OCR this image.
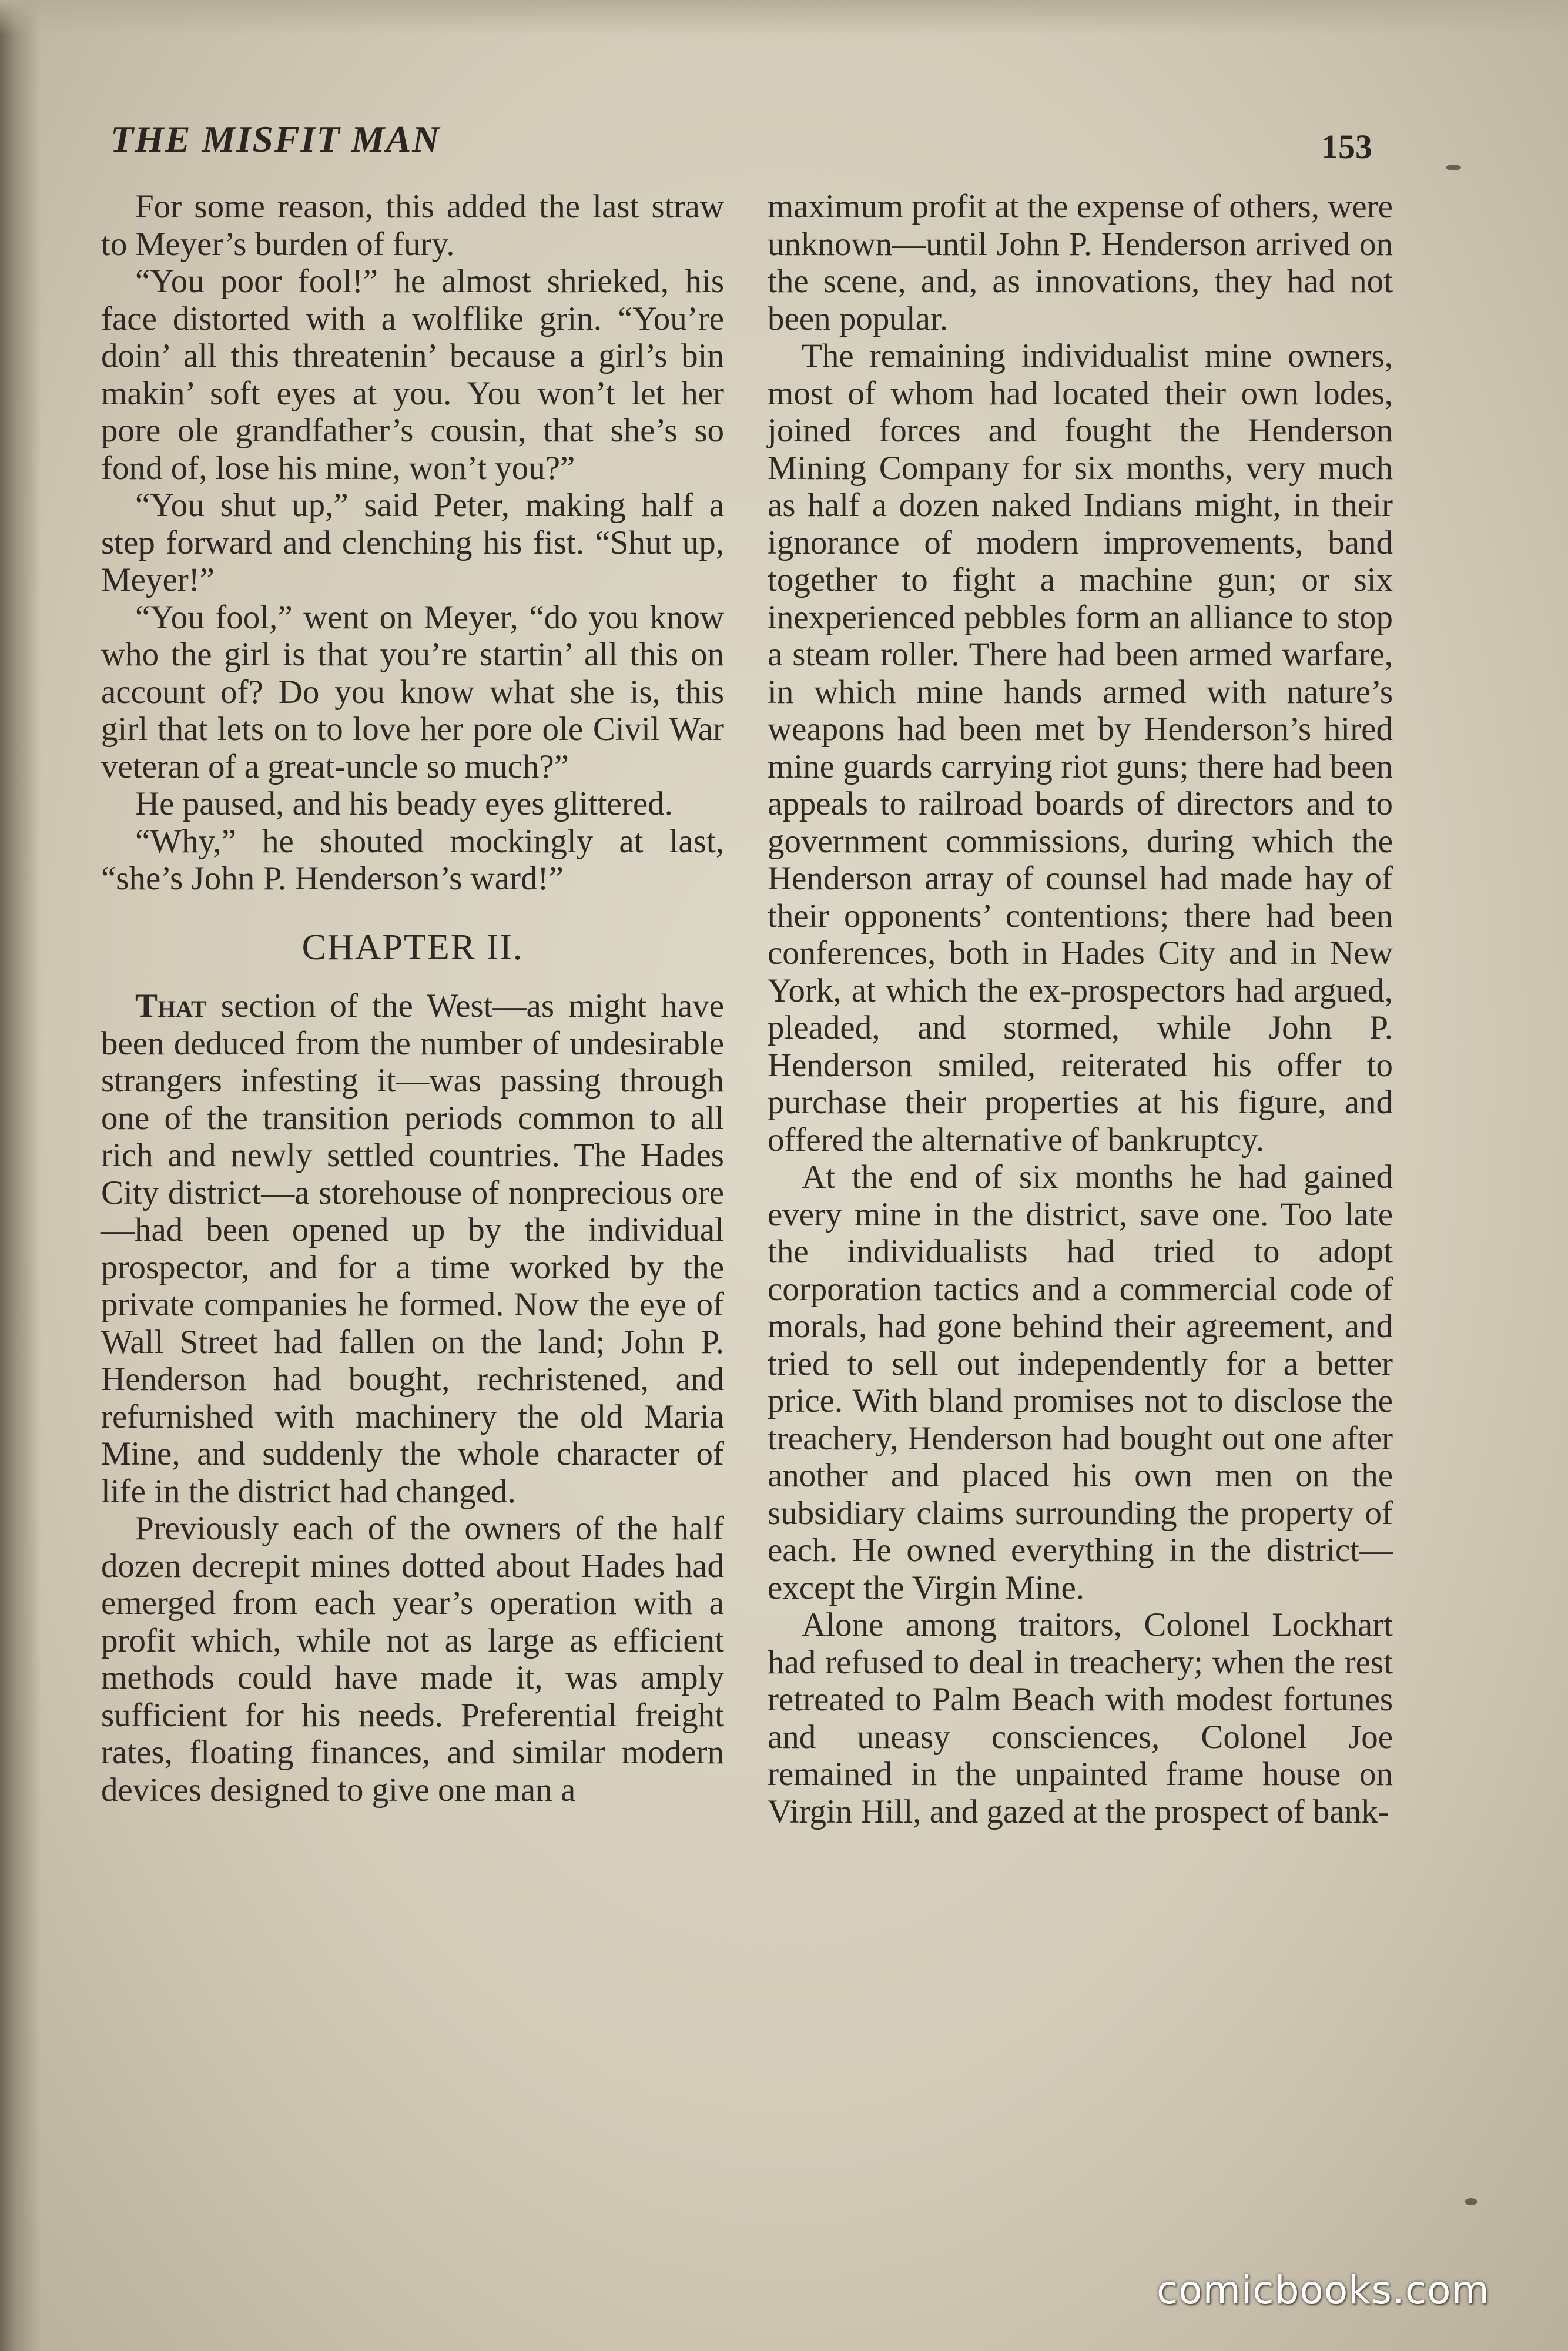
THE MISFIT MAN	153

For some reason, this added the last straw to Meyer’s burden of fury.

“You poor fool!” he almost shrieked, his face distorted with a wolflike grin. “You’re doin’ all this threatenin’ because a girl’s bin makin’ soft eyes at you. You won’t let her pore ole grandfather’s cousin, that she’s so fond of, lose his mine, won’t you?”

“You shut up,” said Peter, making half a step forward and clenching his fist. “Shut up, Meyer!”

“You fool,” went on Meyer, “do you know who the girl is that you’re startin’ all this on account of? Do you know what she is, this girl that lets on to love her pore ole Civil War veteran of a great-uncle so much?”

He paused, and his beady eyes glittered.

“Why,” he shouted mockingly at last, “she’s John P. Henderson’s ward!”

CHAPTER II.

That section of the West—as might have been deduced from the number of undesirable strangers infesting it—was passing through one of the transition periods common to all rich and newly settled countries. The Hades City district—a storehouse of nonprecious ore—had been opened up by the individual prospector, and for a time worked by the private companies he formed. Now the eye of Wall Street had fallen on the land; John P. Henderson had bought, rechristened, and refurnished with machinery the old Maria Mine, and suddenly the whole character of life in the district had changed.

Previously each of the owners of the half dozen decrepit mines dotted about Hades had emerged from each year’s operation with a profit which, while not as large as efficient methods could have made it, was amply sufficient for his needs. Preferential freight rates, floating finances, and similar modern devices designed to give one man a

maximum profit at the expense of others, were unknown—until John P. Henderson arrived on the scene, and, as innovations, they had not been popular.

The remaining individualist mine owners, most of whom had located their own lodes, joined forces and fought the Henderson Mining Company for six months, very much as half a dozen naked Indians might, in their ignorance of modern improvements, band together to fight a machine gun; or six inexperienced pebbles form an alliance to stop a steam roller. There had been armed warfare, in which mine hands armed with nature’s weapons had been met by Henderson’s hired mine guards carrying riot guns; there had been appeals to railroad boards of directors and to government commissions, during which the Henderson array of counsel had made hay of their opponents’ contentions; there had been conferences, both in Hades City and in New York, at which the ex-prospectors had argued, pleaded, and stormed, while John P. Henderson smiled, reiterated his offer to purchase their properties at his figure, and offered the alternative of bankruptcy.

At the end of six months he had gained every mine in the district, save one. Too late the individualists had tried to adopt corporation tactics and a commercial code of morals, had gone behind their agreement, and tried to sell out independently for a better price. With bland promises not to disclose the treachery, Henderson had bought out one after another and placed his own men on the subsidiary claims surrounding the property of each. He owned everything in the district—except the Virgin Mine.

Alone among traitors, Colonel Lockhart had refused to deal in treachery; when the rest retreated to Palm Beach with modest fortunes and uneasy consciences, Colonel Joe remained in the unpainted frame house on Virgin Hill, and gazed at the prospect of bank-

comicbooks.com
